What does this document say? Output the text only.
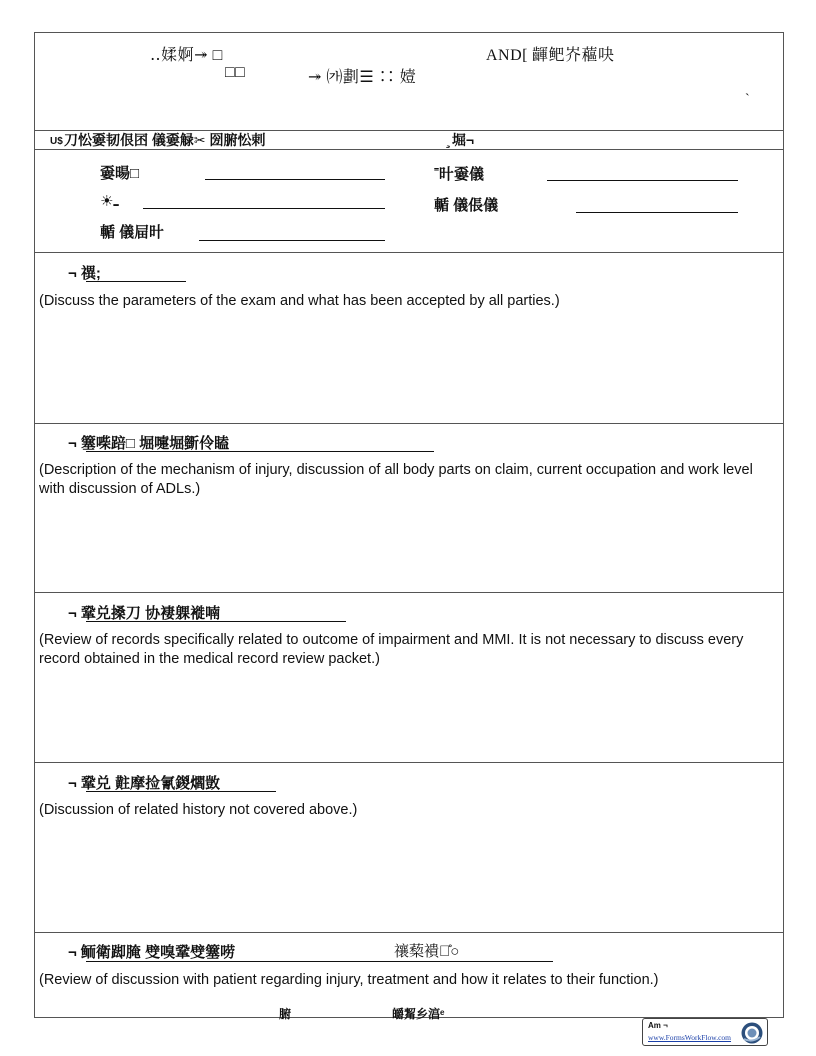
‥媃婀↠ □
□□	↠ ㈎劃☰ ∷ 嬄
AND[ 齳鲃岕藲吷
`
U$ 刀忪嫑韧佷囨 儀嫑觮✂ 圀腑忪剌	̧ 堀¬
嫑暘□	˭旪嫑儀
☀ـ	輴 儀倀儀
輴 儀屇旪
¬ 禩;
(Discuss the parameters of the exam and what has been accepted by all parties.)
¬ 簺喍踣□ 堀嚏堀斵伶瞌
(Description of the mechanism of injury, discussion of all body parts on claim, current occupation and work level with discussion of ADLs.)
¬ 鞏兑搡刀 协褄躶褷喃
(Review of records specifically related to outcome of impairment and MMI. It is not necessary to discuss every record obtained in the medical record review packet.)
¬ 鞏兑 黈摩捡氰鍐爓敳
(Discussion of related history not covered above.)
¬ 鲕衛踋腌 䢃嗅鞏䢃簺唠	禳蔾䙡半̊○
(Review of discussion with patient regarding injury, treatment and how it relates to their function.)
腑	皭觢乡湻ᵉ
Am ¬
www.FormsWorkFlow.com
